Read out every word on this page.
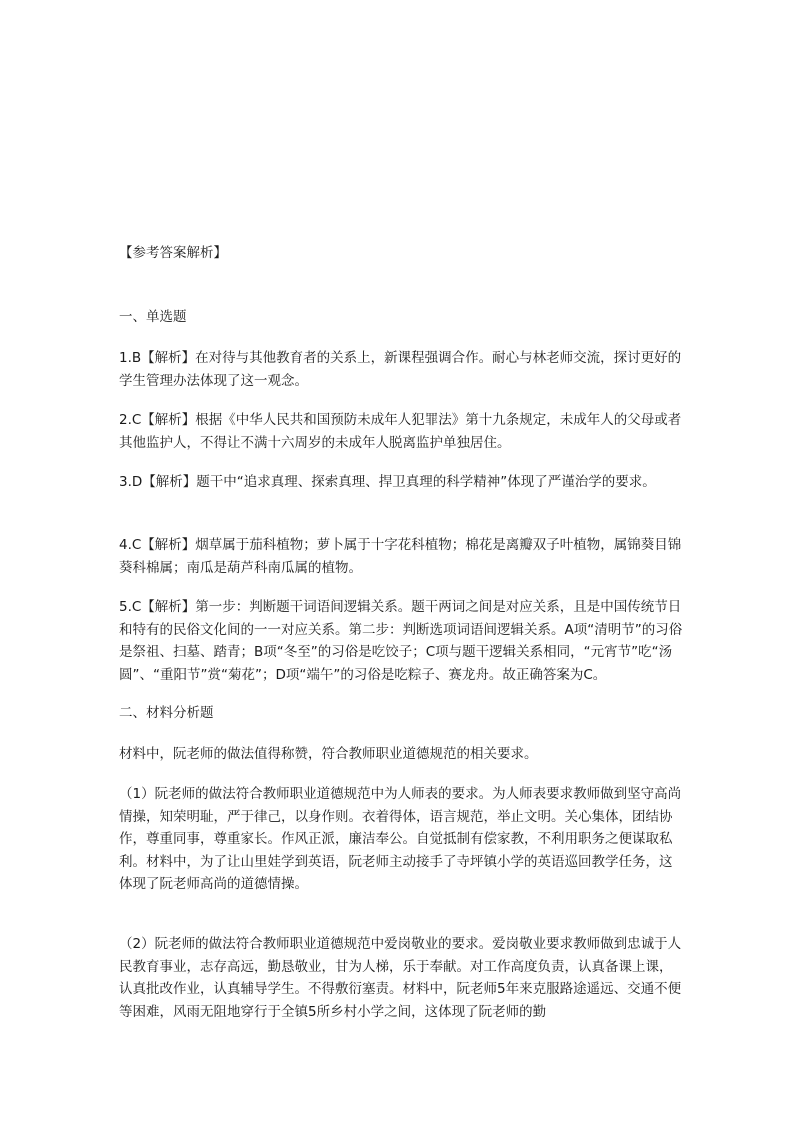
【参考答案解析】
一、单选题
1.B【解析】在对待与其他教育者的关系上，新课程强调合作。耐心与林老师交流，探讨更好的学生管理办法体现了这一观念。
2.C【解析】根据《中华人民共和国预防未成年人犯罪法》第十九条规定，未成年人的父母或者其他监护人，不得让不满十六周岁的未成年人脱离监护单独居住。
3.D【解析】题干中“追求真理、探索真理、捍卫真理的科学精神”体现了严谨治学的要求。
4.C【解析】烟草属于茄科植物；萝卜属于十字花科植物；棉花是离瓣双子叶植物，属锦葵目锦葵科棉属；南瓜是葫芦科南瓜属的植物。
5.C【解析】第一步：判断题干词语间逻辑关系。题干两词之间是对应关系，且是中国传统节日和特有的民俗文化间的一一对应关系。第二步：判断选项词语间逻辑关系。A项“清明节”的习俗是祭祖、扫墓、踏青；B项“冬至”的习俗是吃饺子；C项与题干逻辑关系相同，“元宵节”吃“汤圆”、“重阳节”赏“菊花”；D项“端午”的习俗是吃粽子、赛龙舟。故正确答案为C。
二、材料分析题
材料中，阮老师的做法值得称赞，符合教师职业道德规范的相关要求。
（1）阮老师的做法符合教师职业道德规范中为人师表的要求。为人师表要求教师做到坚守高尚情操，知荣明耻，严于律己，以身作则。衣着得体，语言规范，举止文明。关心集体，团结协作，尊重同事，尊重家长。作风正派，廉洁奉公。自觉抵制有偿家教，不利用职务之便谋取私利。材料中，为了让山里娃学到英语，阮老师主动接手了寺坪镇小学的英语巡回教学任务，这体现了阮老师高尚的道德情操。
（2）阮老师的做法符合教师职业道德规范中爱岗敬业的要求。爱岗敬业要求教师做到忠诚于人民教育事业，志存高远，勤恳敬业，甘为人梯，乐于奉献。对工作高度负责，认真备课上课，认真批改作业，认真辅导学生。不得敷衍塞责。材料中，阮老师5年来克服路途遥远、交通不便等困难，风雨无阻地穿行于全镇5所乡村小学之间，这体现了阮老师的勤
